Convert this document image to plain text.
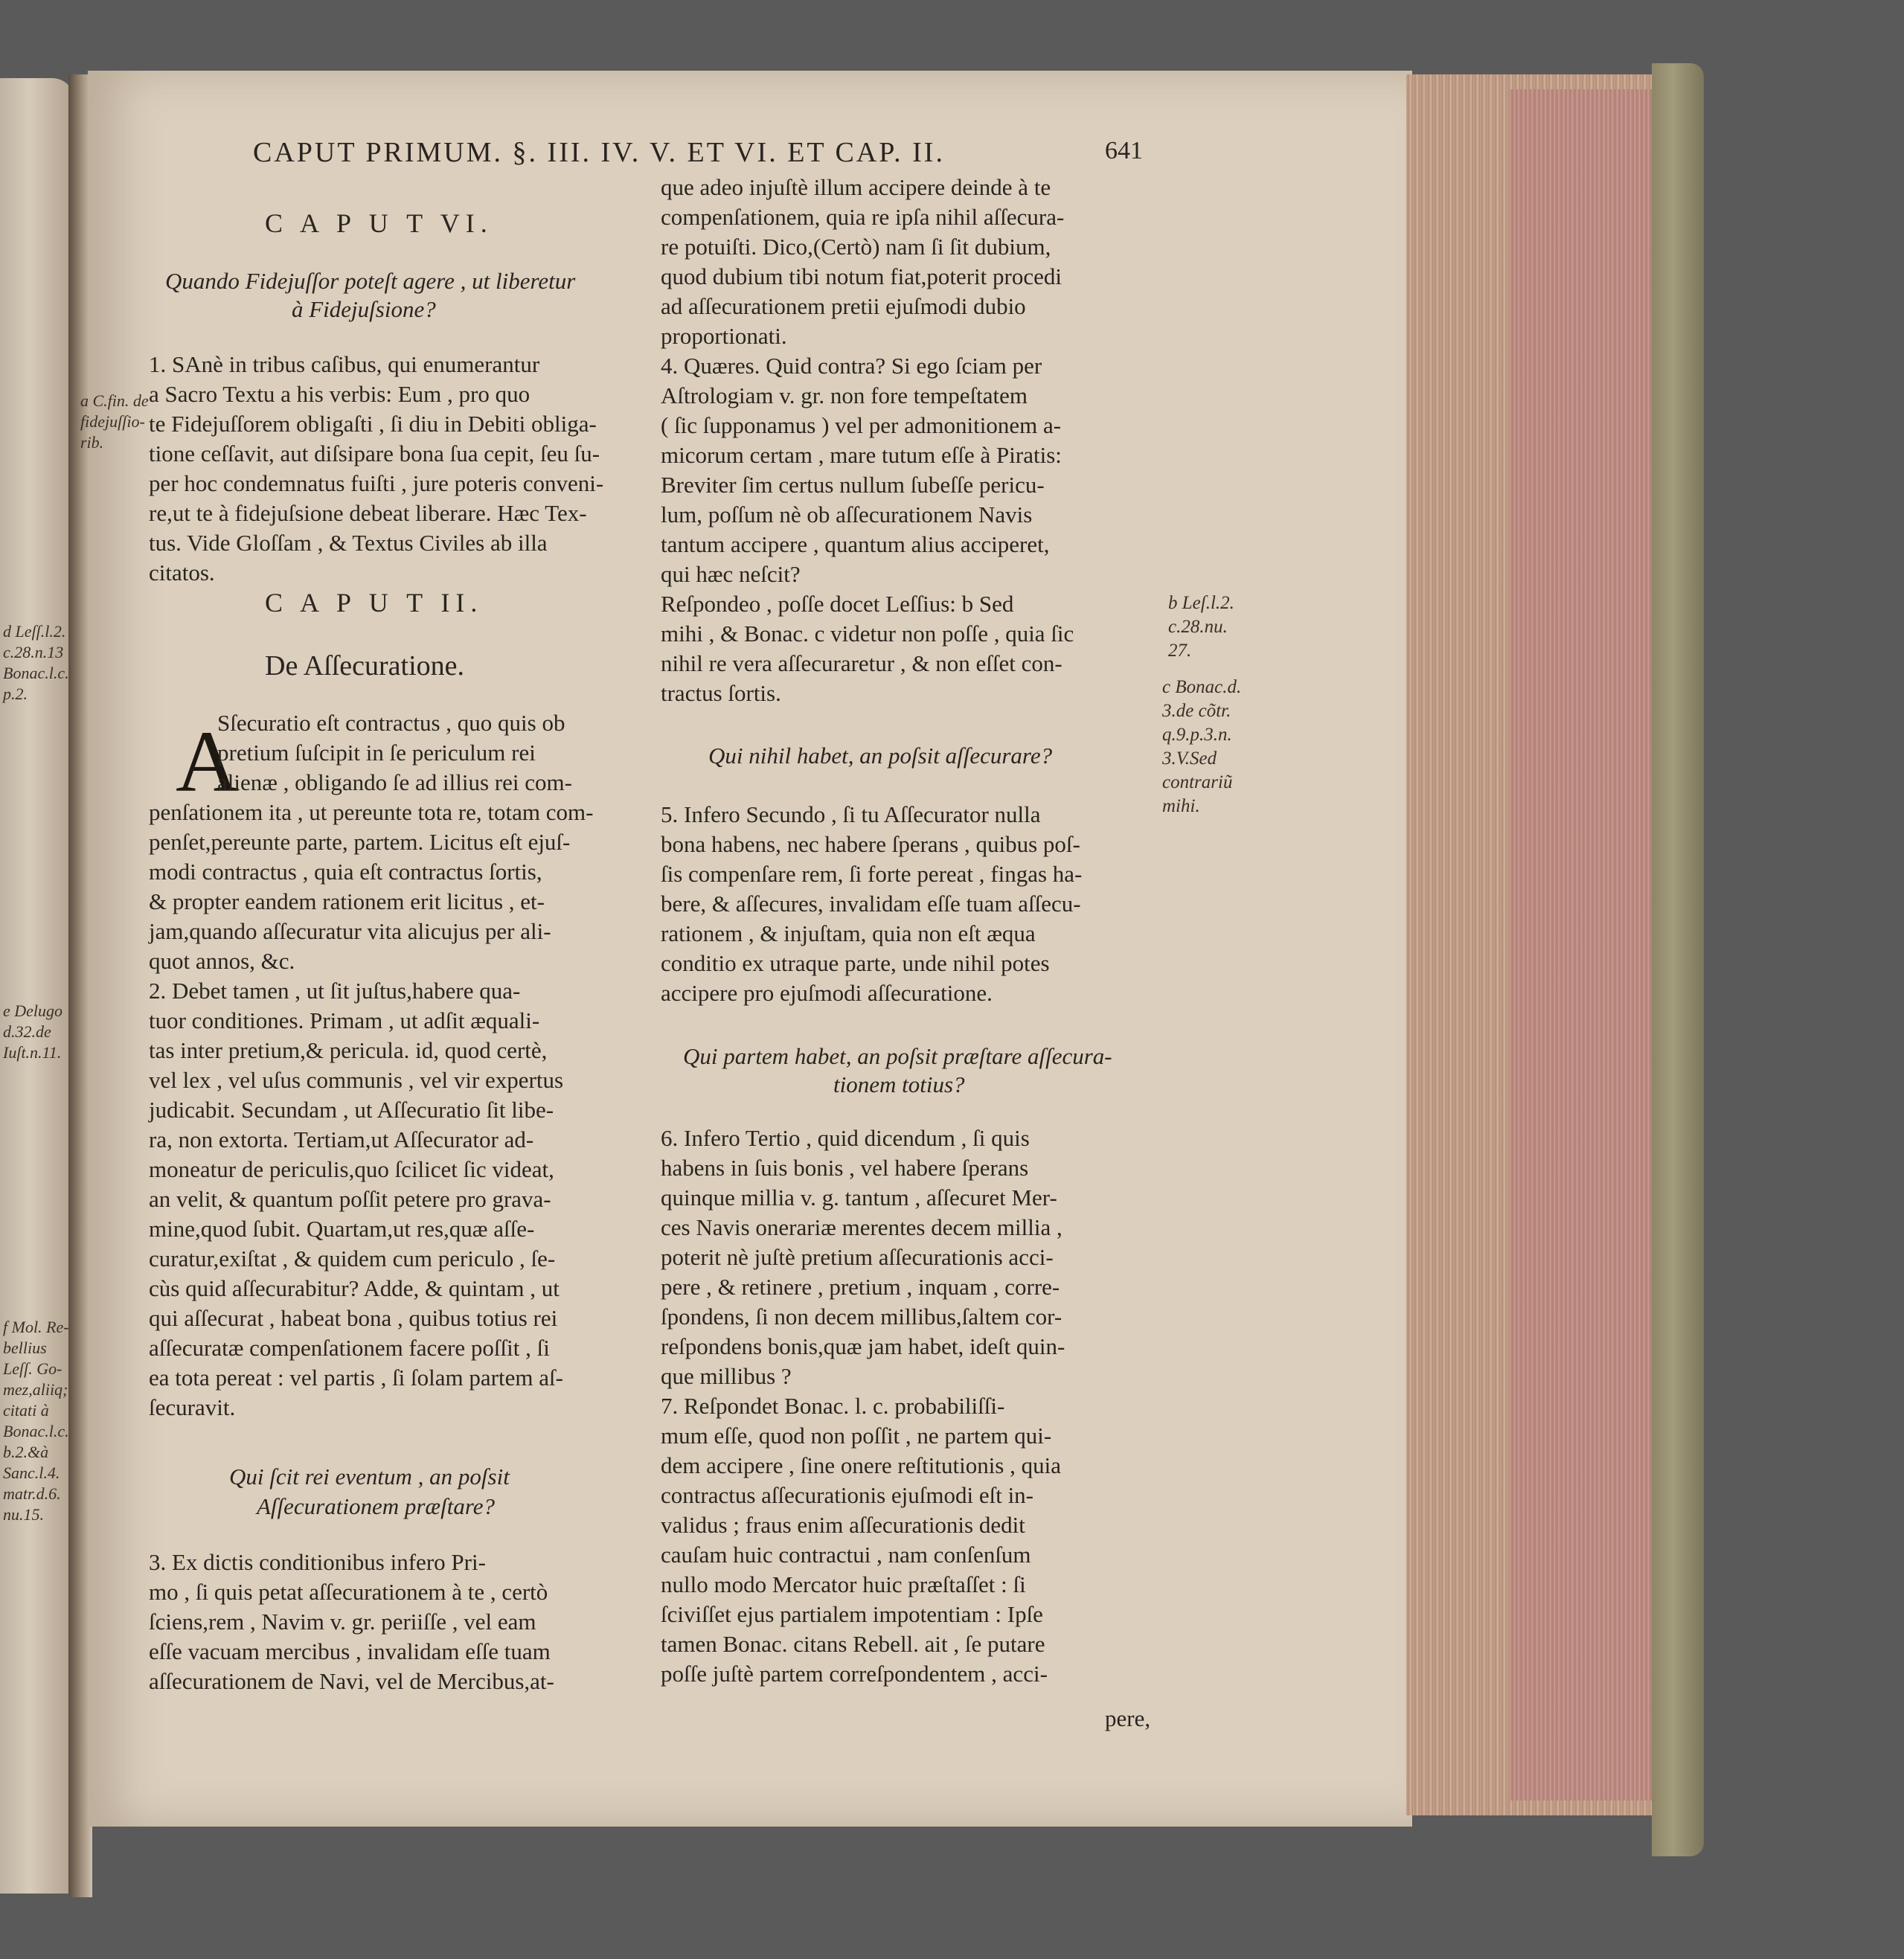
d Leſſ.l.2.
c.28.n.13
Bonac.l.c.
p.2.
e Delugo
d.32.de
Iuſt.n.11.
f Mol. Re-
bellius
Leſſ. Go-
mez,aliiq;
citati à
Bonac.l.c.
b.2.&à
Sanc.l.4.
matr.d.6.
nu.15.
CAPUT PRIMUM. §. III. IV. V. ET VI. ET CAP. II.	641
C A P U T VI.
Quando Fidejuſſor poteſt agere , ut liberetur
à Fidejuſsione?
a C.fin. de
fidejuſſio-
rib.
1. SAnè in tribus caſibus, qui enumerantur
a Sacro Textu a his verbis: Eum , pro quo
te Fidejuſſorem obligaſti , ſi diu in Debiti obliga-
tione ceſſavit, aut diſsipare bona ſua cepit, ſeu ſu-
per hoc condemnatus fuiſti , jure poteris conveni-
re,ut te à fidejuſsione debeat liberare. Hæc Tex-
tus. Vide Gloſſam , & Textus Civiles ab illa
citatos.
C A P U T II.
De Aſſecuratione.
A
Sſecuratio eſt contractus , quo quis ob
pretium ſuſcipit in ſe periculum rei
alienæ , obligando ſe ad illius rei com-
penſationem ita , ut pereunte tota re, totam com-
penſet,pereunte parte, partem. Licitus eſt ejuſ-
modi contractus , quia eſt contractus ſortis,
& propter eandem rationem erit licitus , et-
jam,quando aſſecuratur vita alicujus per ali-
quot annos, &c.
2. Debet tamen , ut ſit juſtus,habere qua-
tuor conditiones. Primam , ut adſit æquali-
tas inter pretium,& pericula. id, quod certè,
vel lex , vel uſus communis , vel vir expertus
judicabit. Secundam , ut Aſſecuratio ſit libe-
ra, non extorta. Tertiam,ut Aſſecurator ad-
moneatur de periculis,quo ſcilicet ſic videat,
an velit, & quantum poſſit petere pro gravа-
mine,quod ſubit. Quartam,ut res,quæ aſſe-
curatur,exiſtat , & quidem cum periculo , ſe-
cùs quid aſſecurabitur? Adde, & quintam , ut
qui aſſecurat , habeat bona , quibus totius rei
aſſecuratæ compenſationem facere poſſit , ſi
ea tota pereat : vel partis , ſi ſolam partem aſ-
ſecuravit.
Qui ſcit rei eventum , an poſsit
Aſſecurationem præſtare?
3. Ex dictis conditionibus infero Pri-
mo , ſi quis petat aſſecurationem à te , certò
ſciens,rem , Navim v. gr. periiſſe , vel eam
eſſe vacuam mercibus , invalidam eſſe tuam
aſſecurationem de Navi, vel de Mercibus,at-
que adeo injuſtè illum accipere deinde à te
compenſationem, quia re ipſa nihil aſſecura-
re potuiſti. Dico,(Certò) nam ſi ſit dubium,
quod dubium tibi notum fiat,poterit procedi
ad aſſecurationem pretii ejuſmodi dubio
proportionati.
4. Quæres. Quid contra? Si ego ſciam per
Aſtrologiam v. gr. non fore tempeſtatem
( ſic ſupponamus ) vel per admonitionem a-
micorum certam , mare tutum eſſe à Piratis:
Breviter ſim certus nullum ſubeſſe pericu-
lum, poſſum nè ob aſſecurationem Navis
tantum accipere , quantum alius acciperet,
qui hæc neſcit?
Reſpondeo , poſſe docet Leſſius: b Sed
mihi , & Bonac. c videtur non poſſe , quia ſic
nihil re vera aſſecuraretur , & non eſſet con-
tractus ſortis.
b Leſ.l.2.
c.28.nu.
27.
c Bonac.d.
3.de cõtr.
q.9.p.3.n.
3.V.Sed
contrariũ
mihi.
Qui nihil habet, an poſsit aſſecurare?
5. Infero Secundo , ſi tu Aſſecurator nulla
bona habens, nec habere ſperans , quibus poſ-
ſis compenſare rem, ſi forte pereat , fingas ha-
bere, & aſſecures, invalidam eſſe tuam aſſecu-
rationem , & injuſtam, quia non eſt æqua
conditio ex utraque parte, unde nihil potes
accipere pro ejuſmodi aſſecuratione.
Qui partem habet, an poſsit præſtare aſſecura-
tionem totius?
6. Infero Tertio , quid dicendum , ſi quis
habens in ſuis bonis , vel habere ſperans
quinque millia v. g. tantum , aſſecuret Mer-
ces Navis onerariæ merentes decem millia ,
poterit nè juſtè pretium aſſecurationis acci-
pere , & retinere , pretium , inquam , corre-
ſpondens, ſi non decem millibus,ſaltem cor-
reſpondens bonis,quæ jam habet, ideſt quin-
que millibus ?
7. Reſpondet Bonac. l. c. probabiliſſi-
mum eſſe, quod non poſſit , ne partem qui-
dem accipere , ſine onere reſtitutionis , quia
contractus aſſecurationis ejuſmodi eſt in-
validus ; fraus enim aſſecurationis dedit
cauſam huic contractui , nam conſenſum
nullo modo Mercator huic præſtaſſet : ſi
ſciviſſet ejus partialem impotentiam : Ipſe
tamen Bonac. citans Rebell. ait , ſe putare
poſſe juſtè partem correſpondentem , acci-
pere,
